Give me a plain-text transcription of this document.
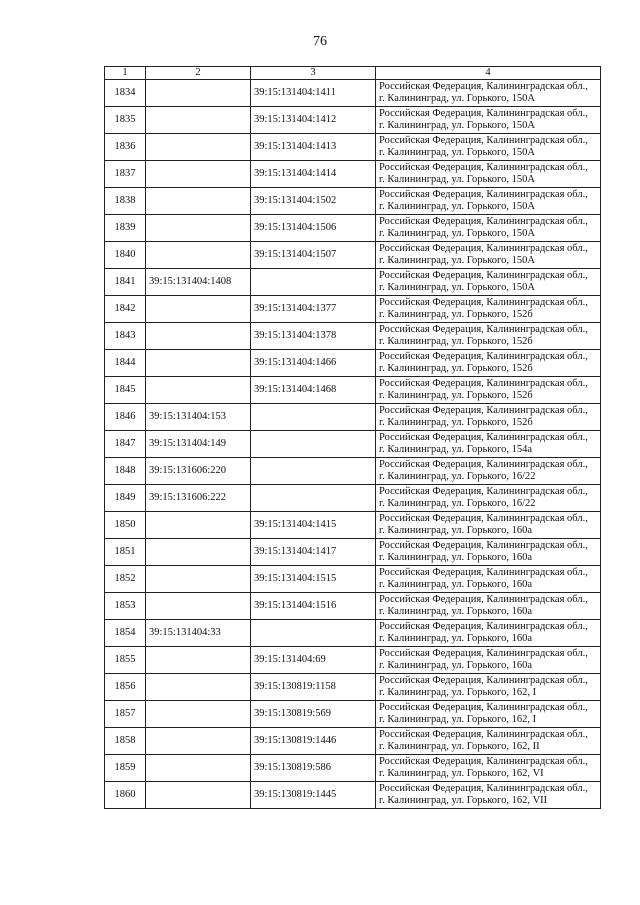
76
1	2	3	4
1834		39:15:131404:1411	Российская Федерация, Калининградская обл.,
г. Калининград, ул. Горького, 150А

1835		39:15:131404:1412	Российская Федерация, Калининградская обл.,
г. Калининград, ул. Горького, 150А

1836		39:15:131404:1413	Российская Федерация, Калининградская обл.,
г. Калининград, ул. Горького, 150А

1837		39:15:131404:1414	Российская Федерация, Калининградская обл.,
г. Калининград, ул. Горького, 150А

1838		39:15:131404:1502	Российская Федерация, Калининградская обл.,
г. Калининград, ул. Горького, 150А

1839		39:15:131404:1506	Российская Федерация, Калининградская обл.,
г. Калининград, ул. Горького, 150А

1840		39:15:131404:1507	Российская Федерация, Калининградская обл.,
г. Калининград, ул. Горького, 150А

1841	39:15:131404:1408		Российская Федерация, Калининградская обл.,
г. Калининград, ул. Горького, 150А

1842		39:15:131404:1377	Российская Федерация, Калининградская обл.,
г. Калининград, ул. Горького, 152б

1843		39:15:131404:1378	Российская Федерация, Калининградская обл.,
г. Калининград, ул. Горького, 152б

1844		39:15:131404:1466	Российская Федерация, Калининградская обл.,
г. Калининград, ул. Горького, 152б

1845		39:15:131404:1468	Российская Федерация, Калининградская обл.,
г. Калининград, ул. Горького, 152б

1846	39:15:131404:153		Российская Федерация, Калининградская обл.,
г. Калининград, ул. Горького, 152б

1847	39:15:131404:149		Российская Федерация, Калининградская обл.,
г. Калининград, ул. Горького, 154а

1848	39:15:131606:220		Российская Федерация, Калининградская обл.,
г. Калининград, ул. Горького, 16/22

1849	39:15:131606:222		Российская Федерация, Калининградская обл.,
г. Калининград, ул. Горького, 16/22

1850		39:15:131404:1415	Российская Федерация, Калининградская обл.,
г. Калининград, ул. Горького, 160а

1851		39:15:131404:1417	Российская Федерация, Калининградская обл.,
г. Калининград, ул. Горького, 160а

1852		39:15:131404:1515	Российская Федерация, Калининградская обл.,
г. Калининград, ул. Горького, 160а

1853		39:15:131404:1516	Российская Федерация, Калининградская обл.,
г. Калининград, ул. Горького, 160а

1854	39:15:131404:33		Российская Федерация, Калининградская обл.,
г. Калининград, ул. Горького, 160а

1855		39:15:131404:69	Российская Федерация, Калининградская обл.,
г. Калининград, ул. Горького, 160а

1856		39:15:130819:1158	Российская Федерация, Калининградская обл.,
г. Калининград, ул. Горького, 162, I

1857		39:15:130819:569	Российская Федерация, Калининградская обл.,
г. Калининград, ул. Горького, 162, I

1858		39:15:130819:1446	Российская Федерация, Калининградская обл.,
г. Калининград, ул. Горького, 162, II

1859		39:15:130819:586	Российская Федерация, Калининградская обл.,
г. Калининград, ул. Горького, 162, VI

1860		39:15:130819:1445	Российская Федерация, Калининградская обл.,
г. Калининград, ул. Горького, 162, VII
